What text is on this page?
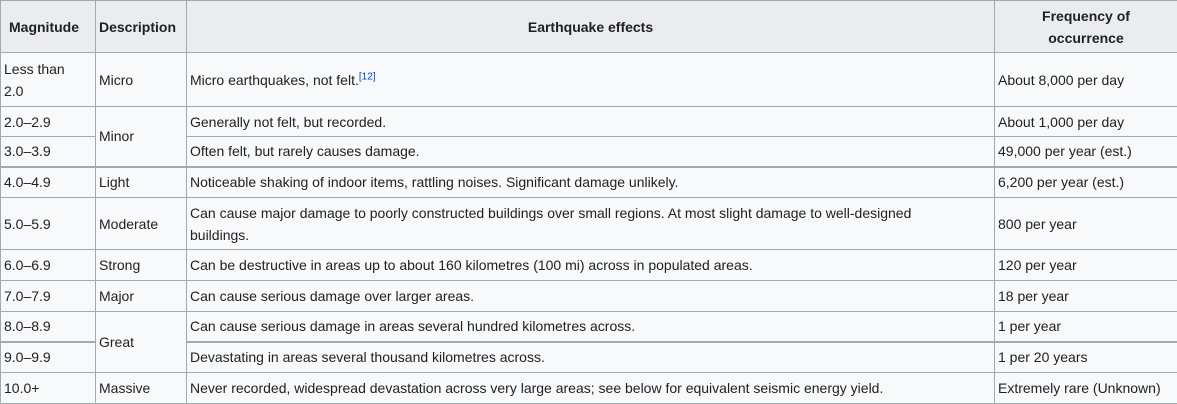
Magnitude	Description	Earthquake effects	Frequency of
occurrence
Less than
2.0	Micro	Micro earthquakes, not felt.[12]	About 8,000 per day
2.0–2.9	Minor	Generally not felt, but recorded.	About 1,000 per day
3.0–3.9		Often felt, but rarely causes damage.	49,000 per year (est.)
4.0–4.9	Light	Noticeable shaking of indoor items, rattling noises. Significant damage unlikely.	6,200 per year (est.)
5.0–5.9	Moderate	Can cause major damage to poorly constructed buildings over small regions. At most slight damage to well-designed
buildings.	800 per year
6.0–6.9	Strong	Can be destructive in areas up to about 160 kilometres (100 mi) across in populated areas.	120 per year
7.0–7.9	Major	Can cause serious damage over larger areas.	18 per year
8.0–8.9	Great	Can cause serious damage in areas several hundred kilometres across.	1 per year
9.0–9.9		Devastating in areas several thousand kilometres across.	1 per 20 years
10.0+	Massive	Never recorded, widespread devastation across very large areas; see below for equivalent seismic energy yield.	Extremely rare (Unknown)
